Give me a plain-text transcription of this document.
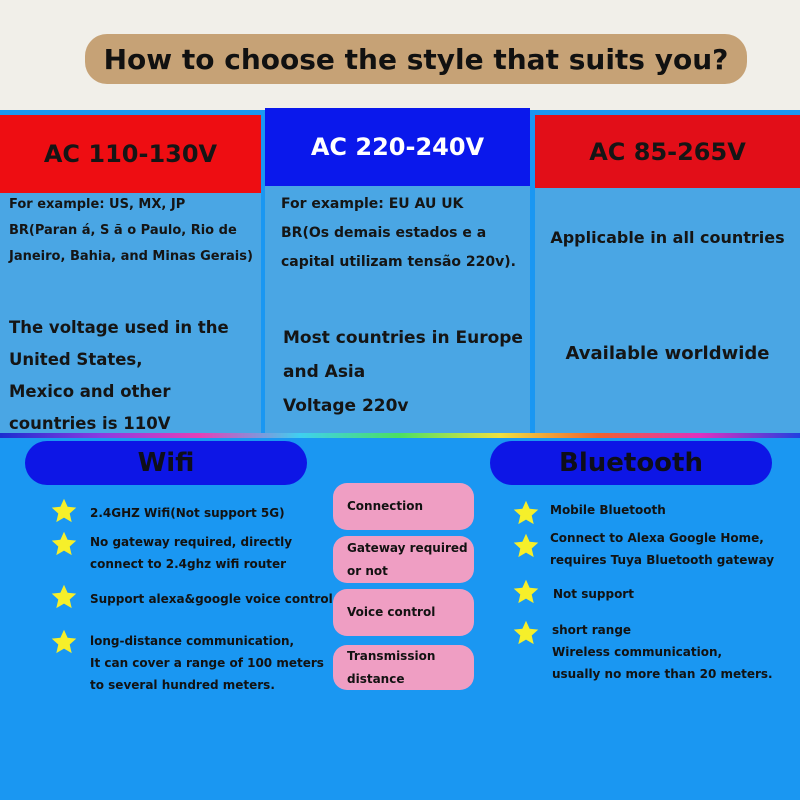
How to choose the style that suits you?
AC 110-130V
For example: US, MX, JP
BR(Paran á, S ã o Paulo, Rio de
Janeiro, Bahia, and Minas Gerais)
The voltage used in the
United States,
Mexico and other
countries is 110V
AC 220-240V
For example: EU AU UK
BR(Os demais estados e a
capital utilizam tensão 220v).
Most countries in Europe
and Asia
Voltage 220v
AC 85-265V
Applicable in all countries
Available worldwide
Wifi	Bluetooth
2.4GHZ Wifi(Not support 5G)
No gateway required, directly
connect to 2.4ghz wifi router
Support alexa&google voice control
long-distance communication,
It can cover a range of 100 meters
to several hundred meters.
Connection
Gateway required
or not
Voice control
Transmission
distance
Mobile Bluetooth
Connect to Alexa Google Home,
requires Tuya Bluetooth gateway
Not support
short range
Wireless communication,
usually no more than 20 meters.
